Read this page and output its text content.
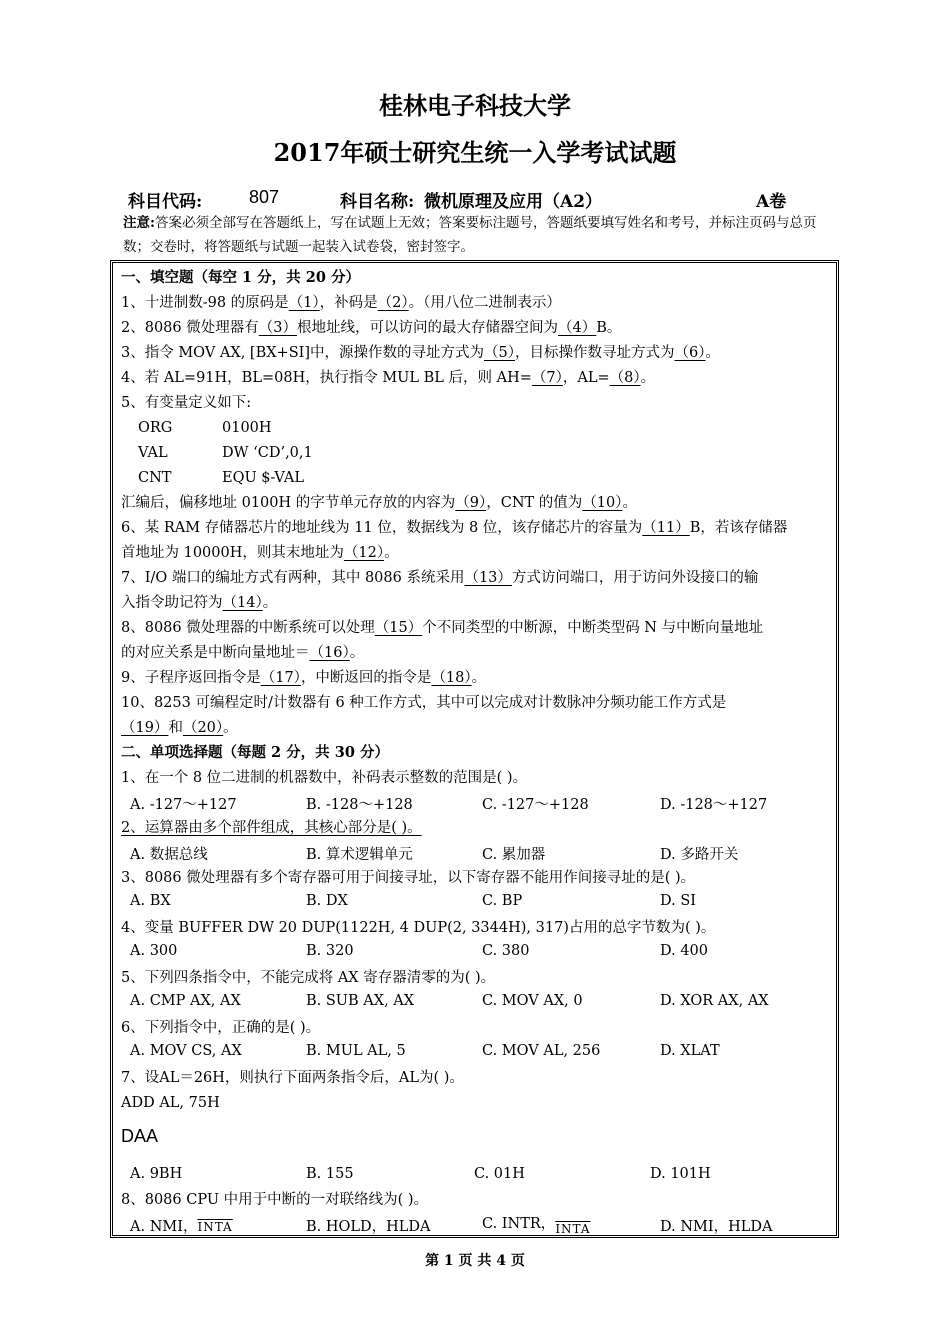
桂林电子科技大学
2017年硕士研究生统一入学考试试题
科目代码:	807	科目名称: 微机原理及应用（A2）	A卷
注意:答案必须全部写在答题纸上，写在试题上无效；答案要标注题号，答题纸要填写姓名和考号，并标注页码与总页数；交卷时，将答题纸与试题一起装入试卷袋，密封签字。
一、填空题（每空 1 分，共 20 分）
1、十进制数-98 的原码是（1），补码是（2）。（用八位二进制表示）
2、8086 微处理器有（3）根地址线，可以访问的最大存储器空间为（4）B。
3、指令 MOV AX, [BX+SI]中，源操作数的寻址方式为（5），目标操作数寻址方式为（6）。
4、若 AL=91H，BL=08H，执行指令 MUL BL 后，则 AH=（7），AL=（8）。
5、有变量定义如下:
ORG	0100H
VAL	DW ‘CD’,0,1
CNT	EQU $-VAL
汇编后，偏移地址 0100H 的字节单元存放的内容为（9），CNT 的值为（10）。
6、某 RAM 存储器芯片的地址线为 11 位，数据线为 8 位，该存储芯片的容量为（11）B，若该存储器
首地址为 10000H，则其末地址为（12）。
7、I/O 端口的编址方式有两种，其中 8086 系统采用（13）方式访问端口，用于访问外设接口的输
入指令助记符为（14）。
8、8086 微处理器的中断系统可以处理（15）个不同类型的中断源，中断类型码 N 与中断向量地址
的对应关系是中断向量地址＝（16）。
9、子程序返回指令是（17），中断返回的指令是（18）。
10、8253 可编程定时/计数器有 6 种工作方式，其中可以完成对计数脉冲分频功能工作方式是
（19）和（20）。
二、单项选择题（每题 2 分，共 30 分）
1、在一个 8 位二进制的机器数中，补码表示整数的范围是( )。
A. -127～+127	B. -128～+128	C. -127～+128	D. -128～+127
2、运算器由多个部件组成，其核心部分是( )。
A. 数据总线	B. 算术逻辑单元	C. 累加器	D. 多路开关
3、8086 微处理器有多个寄存器可用于间接寻址，以下寄存器不能用作间接寻址的是( )。
A. BX	B. DX	C. BP	D. SI
4、变量 BUFFER DW 20 DUP(1122H, 4 DUP(2, 3344H), 317)占用的总字节数为( )。
A. 300	B. 320	C. 380	D. 400
5、下列四条指令中，不能完成将 AX 寄存器清零的为( )。
A. CMP AX, AX	B. SUB AX, AX	C. MOV AX, 0	D. XOR AX, AX
6、下列指令中，正确的是( )。
A. MOV CS, AX	B. MUL AL, 5	C. MOV AL, 256	D. XLAT
7、设AL＝26H，则执行下面两条指令后，AL为( )。
ADD AL, 75H
DAA
A. 9BH	B. 155	C. 01H	D. 101H
8、8086 CPU 中用于中断的一对联络线为( )。
A. NMI，INTA	B. HOLD，HLDA	C. INTR，$_{INTA}$	D. NMI，HLDA
第 1 页 共 4 页
